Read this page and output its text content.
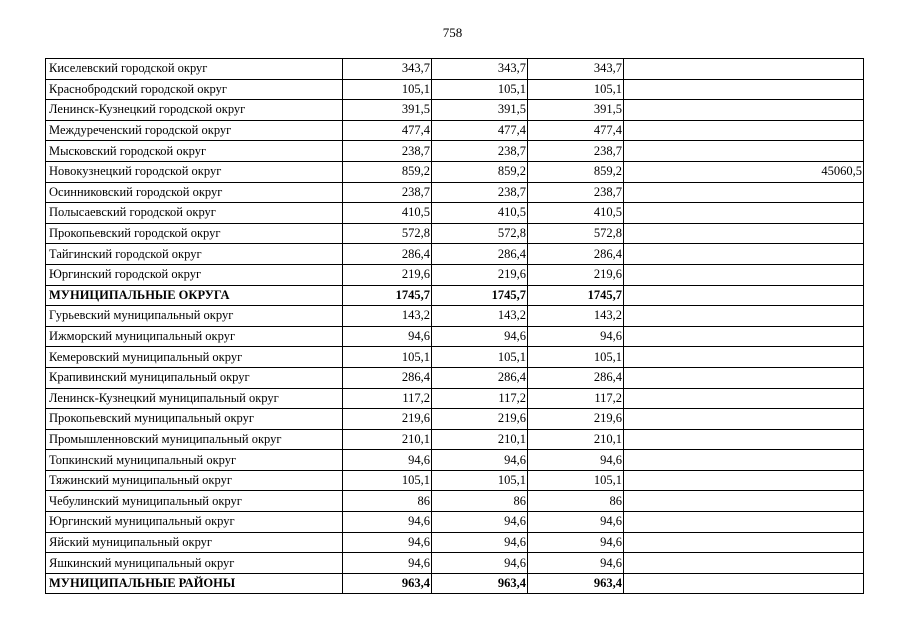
758
Киселевский городской округ	343,7	343,7	343,7	
Краснобродский городской округ	105,1	105,1	105,1	
Ленинск-Кузнецкий городской округ	391,5	391,5	391,5	
Междуреченский городской округ	477,4	477,4	477,4	
Мысковский городской округ	238,7	238,7	238,7	
Новокузнецкий городской округ	859,2	859,2	859,2	45060,5
Осинниковский городской округ	238,7	238,7	238,7	
Полысаевский городской округ	410,5	410,5	410,5	
Прокопьевский городской округ	572,8	572,8	572,8	
Тайгинский городской округ	286,4	286,4	286,4	
Юргинский городской округ	219,6	219,6	219,6	
МУНИЦИПАЛЬНЫЕ ОКРУГА	1745,7	1745,7	1745,7	
Гурьевский муниципальный округ	143,2	143,2	143,2	
Ижморский муниципальный округ	94,6	94,6	94,6	
Кемеровский муниципальный округ	105,1	105,1	105,1	
Крапивинский муниципальный округ	286,4	286,4	286,4	
Ленинск-Кузнецкий муниципальный округ	117,2	117,2	117,2	
Прокопьевский муниципальный округ	219,6	219,6	219,6	
Промышленновский муниципальный округ	210,1	210,1	210,1	
Топкинский муниципальный округ	94,6	94,6	94,6	
Тяжинский муниципальный округ	105,1	105,1	105,1	
Чебулинский муниципальный округ	86	86	86	
Юргинский муниципальный округ	94,6	94,6	94,6	
Яйский муниципальный округ	94,6	94,6	94,6	
Яшкинский муниципальный округ	94,6	94,6	94,6	
МУНИЦИПАЛЬНЫЕ РАЙОНЫ	963,4	963,4	963,4	
